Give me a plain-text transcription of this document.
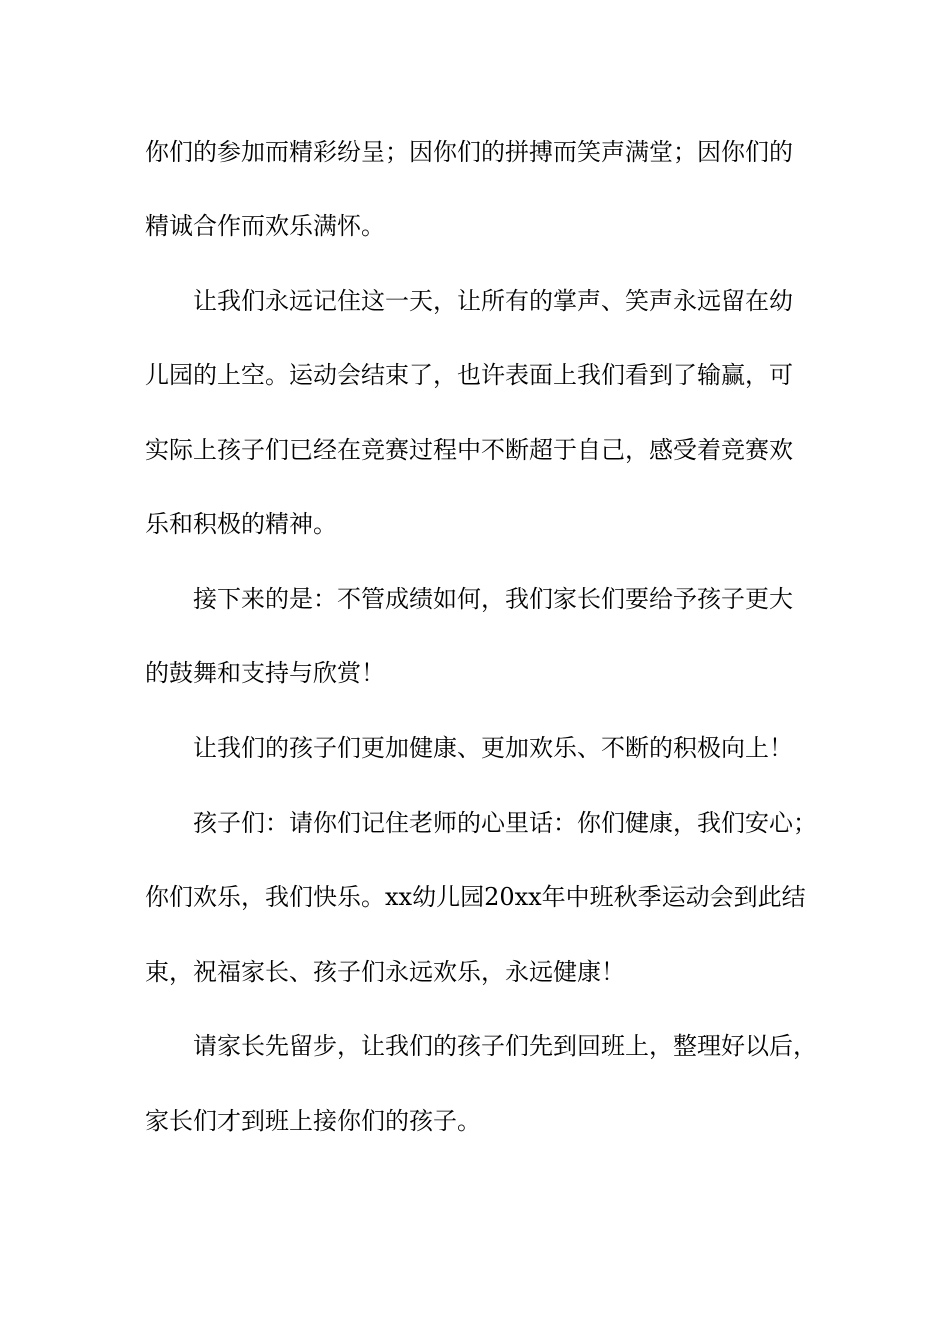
你们的参加而精彩纷呈；因你们的拼搏而笑声满堂；因你们的
精诚合作而欢乐满怀。
让我们永远记住这一天，让所有的掌声、笑声永远留在幼
儿园的上空。运动会结束了，也许表面上我们看到了输赢，可
实际上孩子们已经在竞赛过程中不断超于自己，感受着竞赛欢
乐和积极的精神。
接下来的是：不管成绩如何，我们家长们要给予孩子更大
的鼓舞和支持与欣赏！
让我们的孩子们更加健康、更加欢乐、不断的积极向上！
孩子们：请你们记住老师的心里话：你们健康，我们安心；
你们欢乐，我们快乐。xx幼儿园20xx年中班秋季运动会到此结
束，祝福家长、孩子们永远欢乐，永远健康！
请家长先留步，让我们的孩子们先到回班上，整理好以后，
家长们才到班上接你们的孩子。
